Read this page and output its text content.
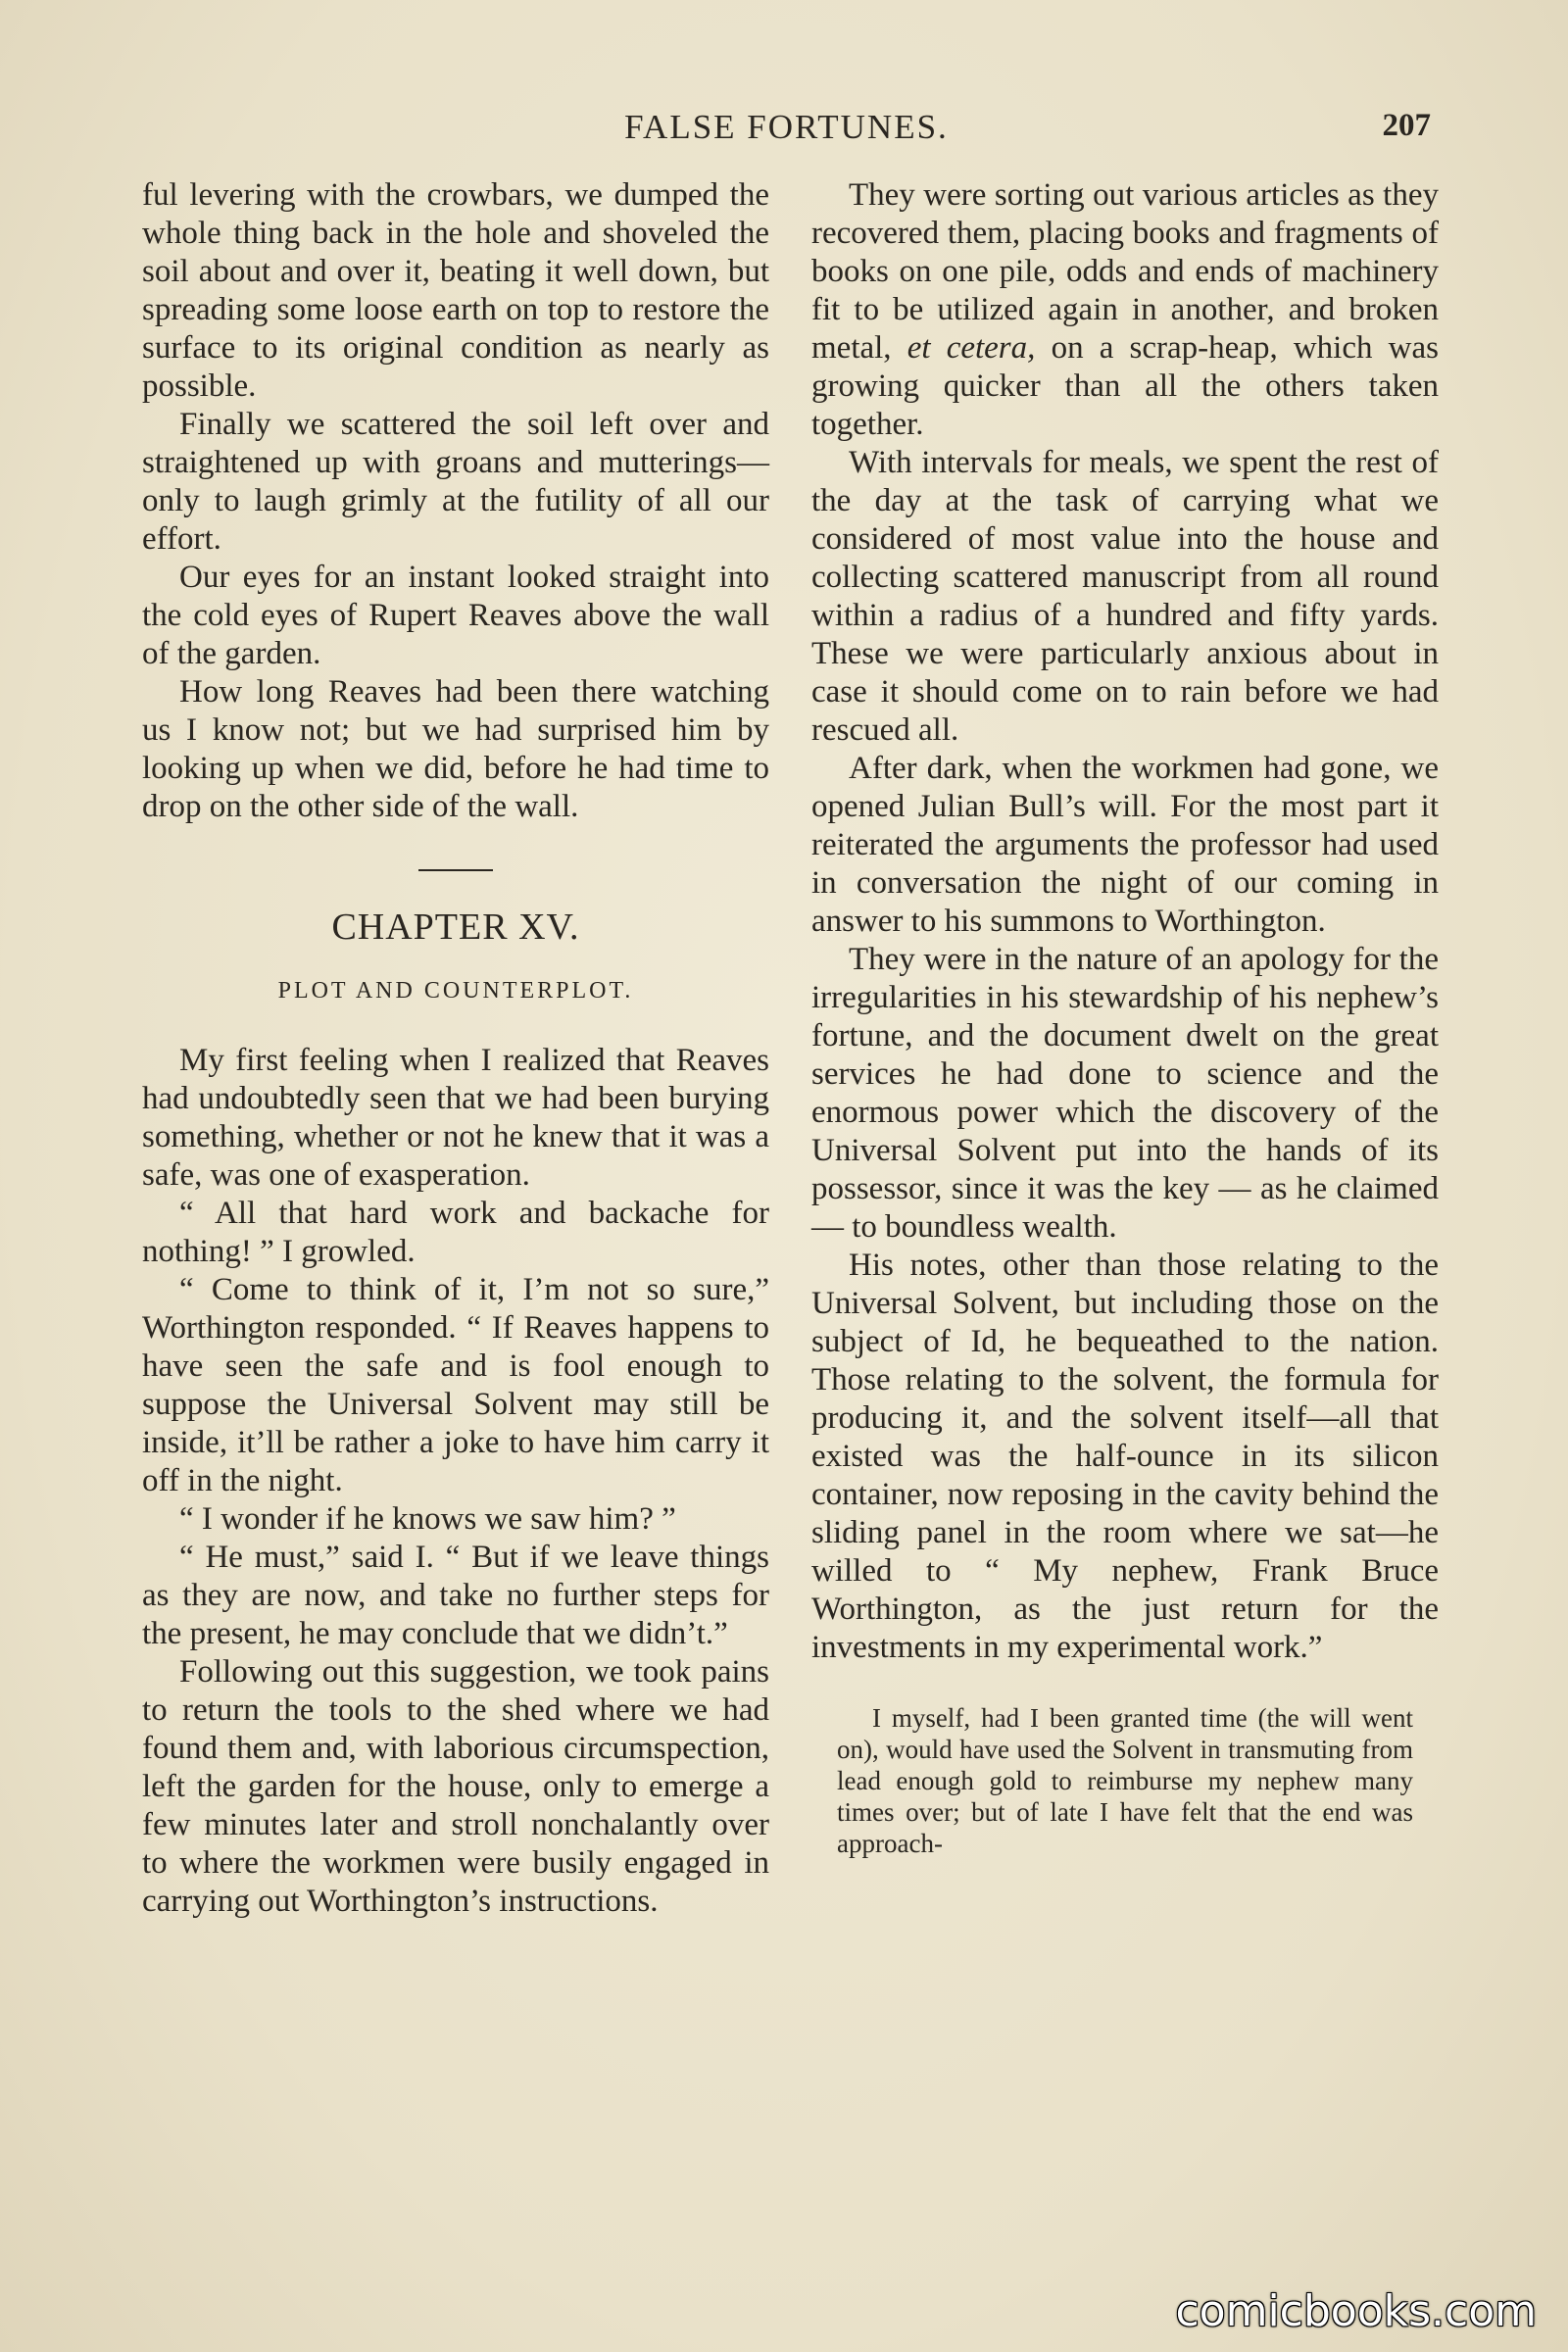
FALSE FORTUNES.	207

ful levering with the crowbars, we dumped the whole thing back in the hole and shoveled the soil about and over it, beating it well down, but spreading some loose earth on top to restore the surface to its original condition as nearly as possible.

Finally we scattered the soil left over and straightened up with groans and mutterings—only to laugh grimly at the futility of all our effort.

Our eyes for an instant looked straight into the cold eyes of Rupert Reaves above the wall of the garden.

How long Reaves had been there watching us I know not; but we had surprised him by looking up when we did, before he had time to drop on the other side of the wall.

CHAPTER XV.
PLOT AND COUNTERPLOT.

My first feeling when I realized that Reaves had undoubtedly seen that we had been burying something, whether or not he knew that it was a safe, was one of exasperation.

“ All that hard work and backache for nothing! ” I growled.

“ Come to think of it, I’m not so sure,” Worthington responded. “ If Reaves happens to have seen the safe and is fool enough to suppose the Universal Solvent may still be inside, it’ll be rather a joke to have him carry it off in the night.

“ I wonder if he knows we saw him? ”

“ He must,” said I. “ But if we leave things as they are now, and take no further steps for the present, he may conclude that we didn’t.”

Following out this suggestion, we took pains to return the tools to the shed where we had found them and, with laborious circumspection, left the garden for the house, only to emerge a few minutes later and stroll nonchalantly over to where the workmen were busily engaged in carrying out Worthington’s instructions.

They were sorting out various articles as they recovered them, placing books and fragments of books on one pile, odds and ends of machinery fit to be utilized again in another, and broken metal, et cetera, on a scrap-heap, which was growing quicker than all the others taken together.

With intervals for meals, we spent the rest of the day at the task of carrying what we considered of most value into the house and collecting scattered manuscript from all round within a radius of a hundred and fifty yards. These we were particularly anxious about in case it should come on to rain before we had rescued all.

After dark, when the workmen had gone, we opened Julian Bull’s will. For the most part it reiterated the arguments the professor had used in conversation the night of our coming in answer to his summons to Worthington.

They were in the nature of an apology for the irregularities in his stewardship of his nephew’s fortune, and the document dwelt on the great services he had done to science and the enormous power which the discovery of the Universal Solvent put into the hands of its possessor, since it was the key — as he claimed — to boundless wealth.

His notes, other than those relating to the Universal Solvent, but including those on the subject of Id, he bequeathed to the nation. Those relating to the solvent, the formula for producing it, and the solvent itself—all that existed was the half-ounce in its silicon container, now reposing in the cavity behind the sliding panel in the room where we sat—he willed to “ My nephew, Frank Bruce Worthington, as the just return for the investments in my experimental work.”

I myself, had I been granted time (the will went on), would have used the Solvent in transmuting from lead enough gold to reimburse my nephew many times over; but of late I have felt that the end was approach-

comicbooks.com
